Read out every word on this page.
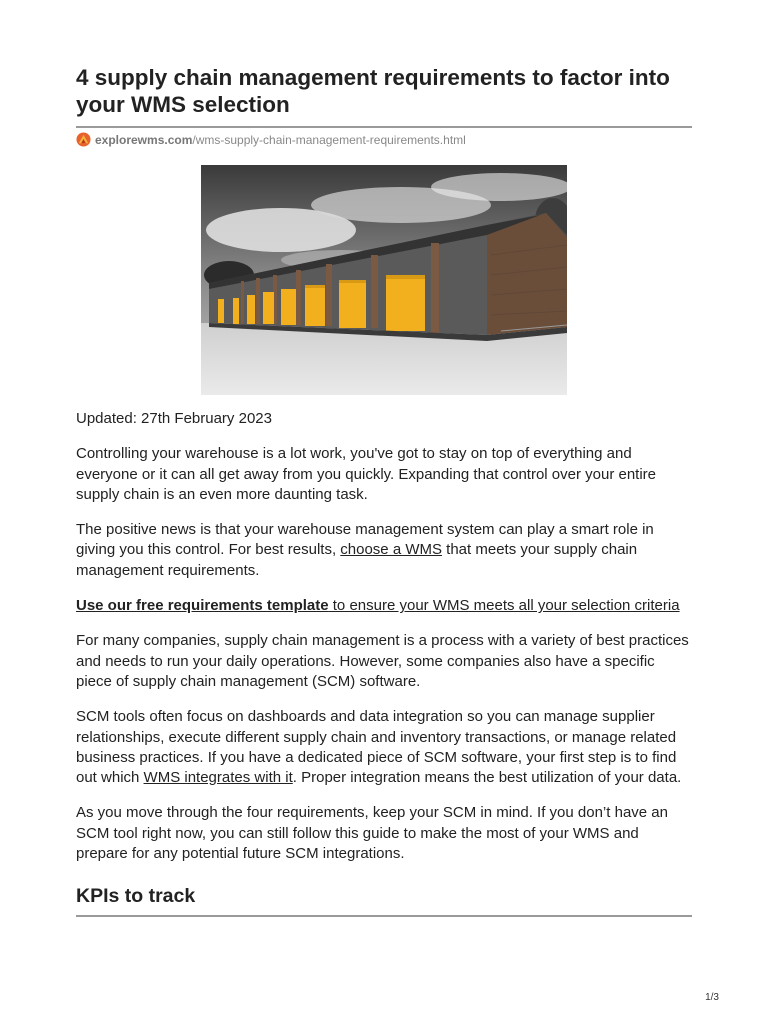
4 supply chain management requirements to factor into your WMS selection
explorewms.com /wms-supply-chain-management-requirements.html

Updated: 27th February 2023

Controlling your warehouse is a lot work, you've got to stay on top of everything and everyone or it can all get away from you quickly. Expanding that control over your entire supply chain is an even more daunting task.

The positive news is that your warehouse management system can play a smart role in giving you this control. For best results, choose a WMS that meets your supply chain management requirements.

Use our free requirements template to ensure your WMS meets all your selection criteria

For many companies, supply chain management is a process with a variety of best practices and needs to run your daily operations. However, some companies also have a specific piece of supply chain management (SCM) software.

SCM tools often focus on dashboards and data integration so you can manage supplier relationships, execute different supply chain and inventory transactions, or manage related business practices. If you have a dedicated piece of SCM software, your first step is to find out which WMS integrates with it. Proper integration means the best utilization of your data.

As you move through the four requirements, keep your SCM in mind. If you don’t have an SCM tool right now, you can still follow this guide to make the most of your WMS and prepare for any potential future SCM integrations.

KPIs to track
1/3
